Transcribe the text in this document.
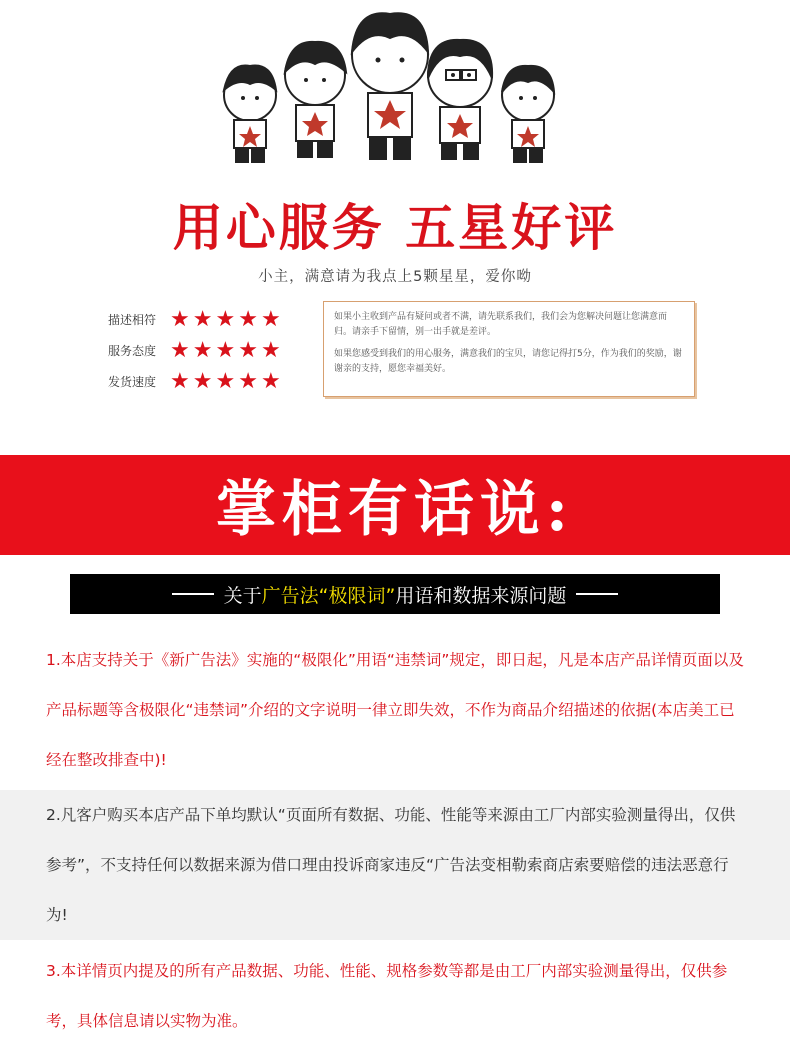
用心服务 五星好评
小主，满意请为我点上5颗星星，爱你呦
描述相符 ★ ★ ★ ★ ★
服务态度 ★ ★ ★ ★ ★
发货速度 ★ ★ ★ ★ ★

如果小主收到产品有疑问或者不满，请先联系我们，我们会为您解决问题让您满意而归。请亲手下留情，别一出手就是差评。

如果您感受到我们的用心服务，满意我们的宝贝，请您记得打5分，作为我们的奖励，谢谢亲的支持，愿您幸福美好。

掌柜有话说:
关于 广告法“极限词” 用语和数据来源问题

1.本店支持关于《新广告法》实施的“极限化”用语“违禁词”规定，即日起，凡是本店产品详情页面以及产品标题等含极限化“违禁词”介绍的文字说明一律立即失效，不作为商品介绍描述的依据(本店美工已经在整改排查中)!

2.凡客户购买本店产品下单均默认“页面所有数据、功能、性能等来源由工厂内部实验测量得出，仅供参考”，不支持任何以数据来源为借口理由投诉商家违反“广告法变相勒索商店索要赔偿的违法恶意行为!

3.本详情页内提及的所有产品数据、功能、性能、规格参数等都是由工厂内部实验测量得出，仅供参考，具体信息请以实物为准。
